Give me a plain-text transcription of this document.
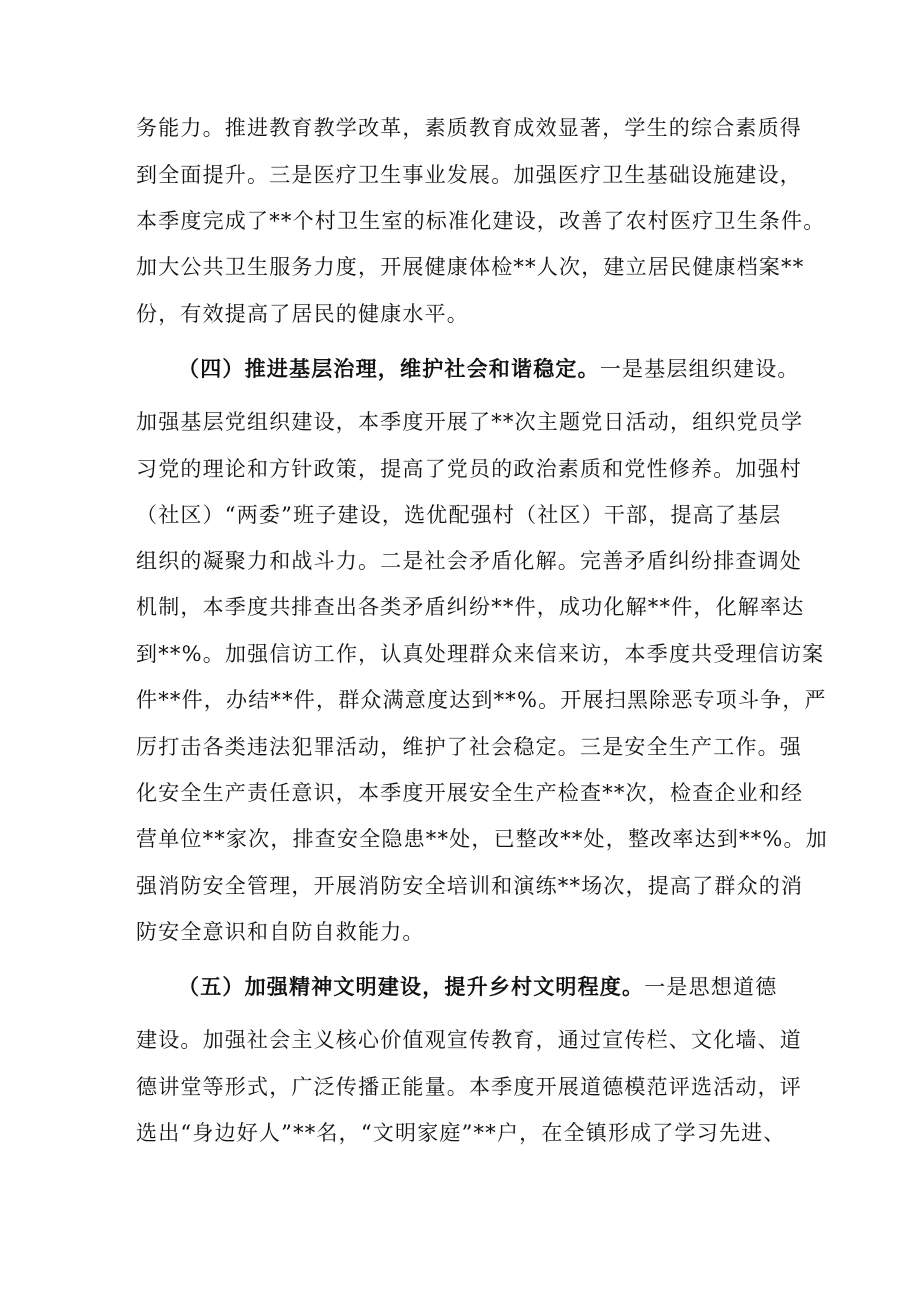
务能力。推进教育教学改革，素质教育成效显著，学生的综合素质得
到全面提升。三是医疗卫生事业发展。加强医疗卫生基础设施建设，
本季度完成了**个村卫生室的标准化建设，改善了农村医疗卫生条件。
加大公共卫生服务力度，开展健康体检**人次，建立居民健康档案**
份，有效提高了居民的健康水平。
（四）推进基层治理，维护社会和谐稳定。一是基层组织建设。
加强基层党组织建设，本季度开展了**次主题党日活动，组织党员学
习党的理论和方针政策，提高了党员的政治素质和党性修养。加强村
（社区）“两委”班子建设，选优配强村（社区）干部，提高了基层
组织的凝聚力和战斗力。二是社会矛盾化解。完善矛盾纠纷排查调处
机制，本季度共排查出各类矛盾纠纷**件，成功化解**件，化解率达
到**%。加强信访工作，认真处理群众来信来访，本季度共受理信访案
件**件，办结**件，群众满意度达到**%。开展扫黑除恶专项斗争，严
厉打击各类违法犯罪活动，维护了社会稳定。三是安全生产工作。强
化安全生产责任意识，本季度开展安全生产检查**次，检查企业和经
营单位**家次，排查安全隐患**处，已整改**处，整改率达到**%。加
强消防安全管理，开展消防安全培训和演练**场次，提高了群众的消
防安全意识和自防自救能力。
（五）加强精神文明建设，提升乡村文明程度。一是思想道德
建设。加强社会主义核心价值观宣传教育，通过宣传栏、文化墙、道
德讲堂等形式，广泛传播正能量。本季度开展道德模范评选活动，评
选出“身边好人”**名，“文明家庭”**户，在全镇形成了学习先进、
